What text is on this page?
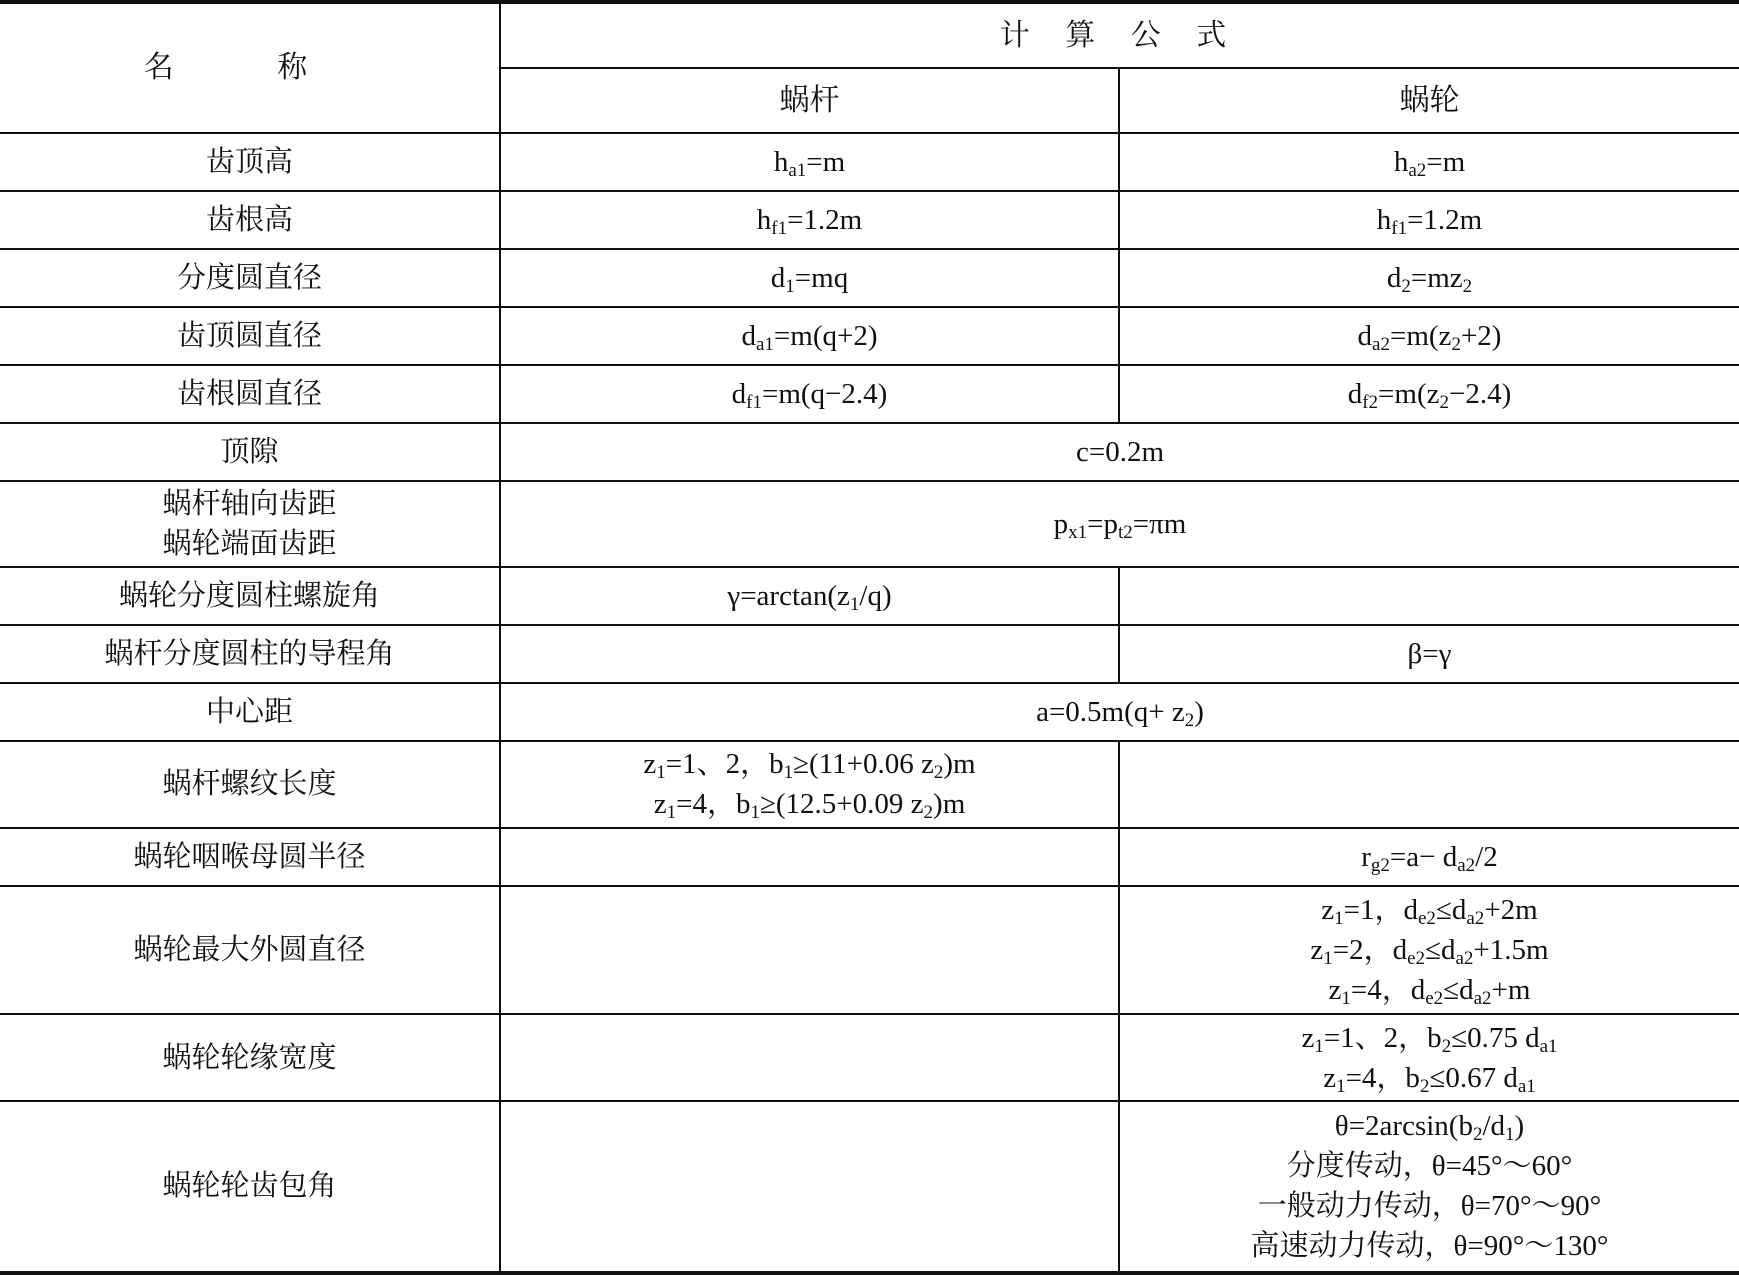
名 称	计 算 公 式	
	蜗杆	蜗轮

齿顶高	$h_{a1}=m$	$h_{a2}=m$

齿根高	$h_{f1}=1.2m$	$h_{f1}=1.2m$

分度圆直径	$d_1=mq$	$d_2=mz_2$

齿顶圆直径	$d_{a1}=m(q+2)$	$d_{a2}=m(z_2+2)$

齿根圆直径	$d_{f1}=m(q-2.4)$	$d_{f2}=m(z_2-2.4)$

顶隙	c=0.2m	

蜗杆轴向齿距
蜗轮端面齿距	$p_{x1}=p_{t2}=\pi m$	

蜗轮分度圆柱螺旋角	$\gamma=\arctan(z_1/q)$	

蜗杆分度圆柱的导程角		β=γ

中心距	$a=0.5m(q+ z_2)$	

蜗杆螺纹长度	$z_1=1$、2，$b_1\ge(11+0.06$ $z_2)m$
$z_1=4$，$b_1\ge(12.5+0.09$ $z_2)m$	

蜗轮咽喉母圆半径		$r_{g2}=a- d_{a2}/2$

蜗轮最大外圆直径		$z_1=1$，$d_{e2}\le d_{a2}+2m$
$z_1=2$，$d_{e2}\le d_{a2}+1.5m$
$z_1=4$，$d_{e2}\le d_{a2}+m$

蜗轮轮缘宽度		$z_1=1$、2，$b_2\le 0.75$ $d_{a1}$
$z_1=4$，$b_2\le 0.67$ $d_{a1}$

蜗轮轮齿包角		$\theta=2\arcsin(b_2/d_1)$
分度传动，θ=45°～60°
一般动力传动，θ=70°～90°
高速动力传动，θ=90°～130°
